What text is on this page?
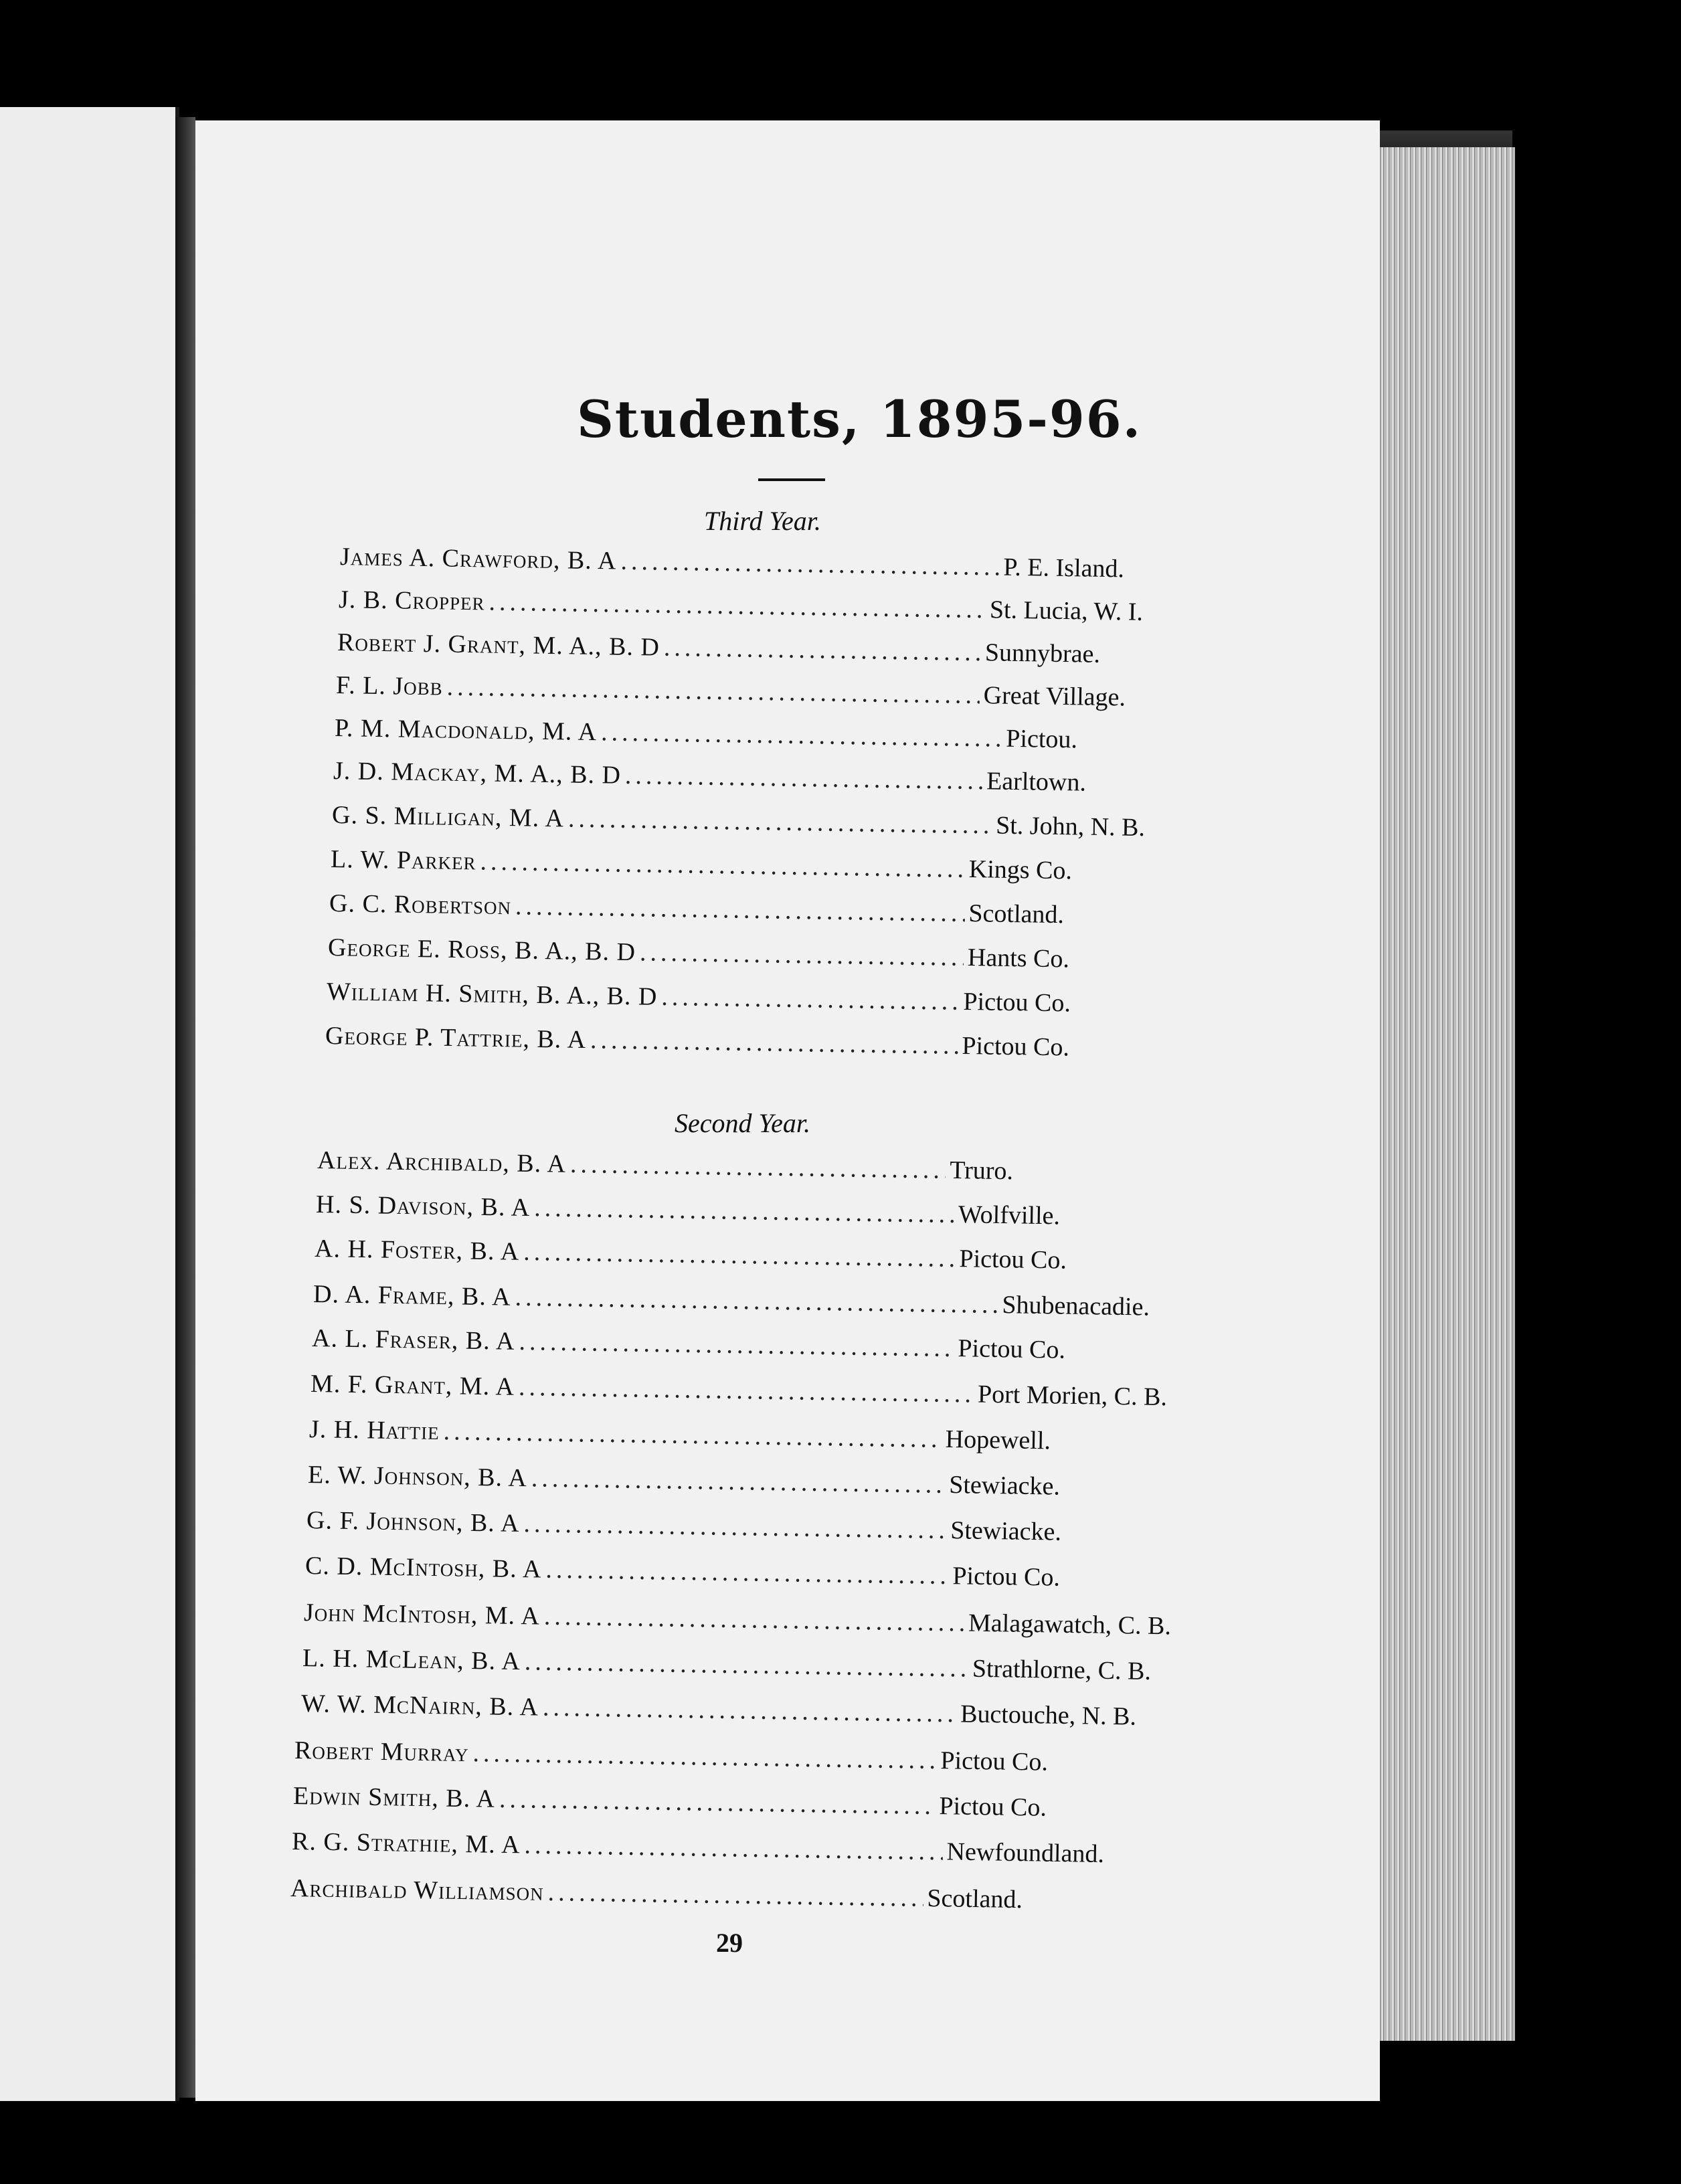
Students, 1895-96.
Third Year.
James A. Crawford, B. A .....	P. E. Island.
J. B. Cropper .....	St. Lucia, W. I.
Robert J. Grant, M. A., B. D .....	Sunnybrae.
F. L. Jobb .....	Great Village.
P. M. Macdonald, M. A .....	Pictou.
J. D. Mackay, M. A., B. D .....	Earltown.
G. S. Milligan, M. A .....	St. John, N. B.
L. W. Parker .....	Kings Co.
G. C. Robertson .....	Scotland.
George E. Ross, B. A., B. D .....	Hants Co.
William H. Smith, B. A., B. D .....	Pictou Co.
George P. Tattrie, B. A .....	Pictou Co.
Second Year.
Alex. Archibald, B. A .....	Truro.
H. S. Davison, B. A .....	Wolfville.
A. H. Foster, B. A .....	Pictou Co.
D. A. Frame, B. A .....	Shubenacadie.
A. L. Fraser, B. A .....	Pictou Co.
M. F. Grant, M. A .....	Port Morien, C. B.
J. H. Hattie .....	Hopewell.
E. W. Johnson, B. A .....	Stewiacke.
G. F. Johnson, B. A .....	Stewiacke.
C. D. McIntosh, B. A .....	Pictou Co.
John McIntosh, M. A .....	Malagawatch, C. B.
L. H. McLean, B. A .....	Strathlorne, C. B.
W. W. McNairn, B. A .....	Buctouche, N. B.
Robert Murray .....	Pictou Co.
Edwin Smith, B. A .....	Pictou Co.
R. G. Strathie, M. A .....	Newfoundland.
Archibald Williamson .....	Scotland.
29
